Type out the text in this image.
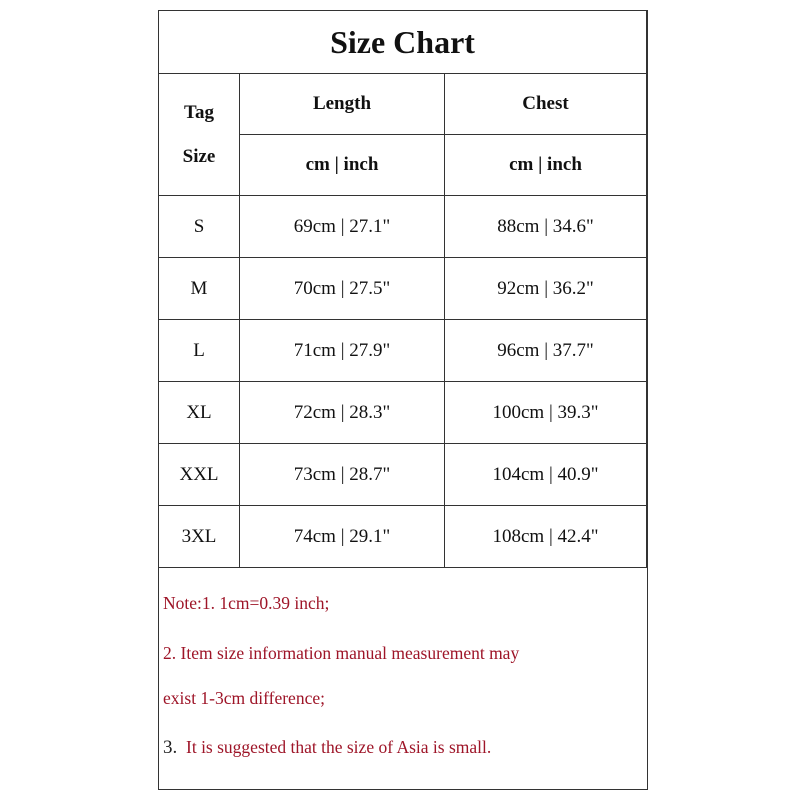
Size Chart		

Tag
Size	Length	Chest
	cm | inch	cm | inch
S	69cm | 27.1"	88cm | 34.6"
M	70cm | 27.5"	92cm | 36.2"
L	71cm | 27.9"	96cm | 37.7"
XL	72cm | 28.3"	100cm | 39.3"
XXL	73cm | 28.7"	104cm | 40.9"
3XL	74cm | 29.1"	108cm | 42.4"
Note:1. 1cm=0.39 inch;
2. Item size information manual measurement may
exist 1-3cm difference;
3. It is suggested that the size of Asia is small.
